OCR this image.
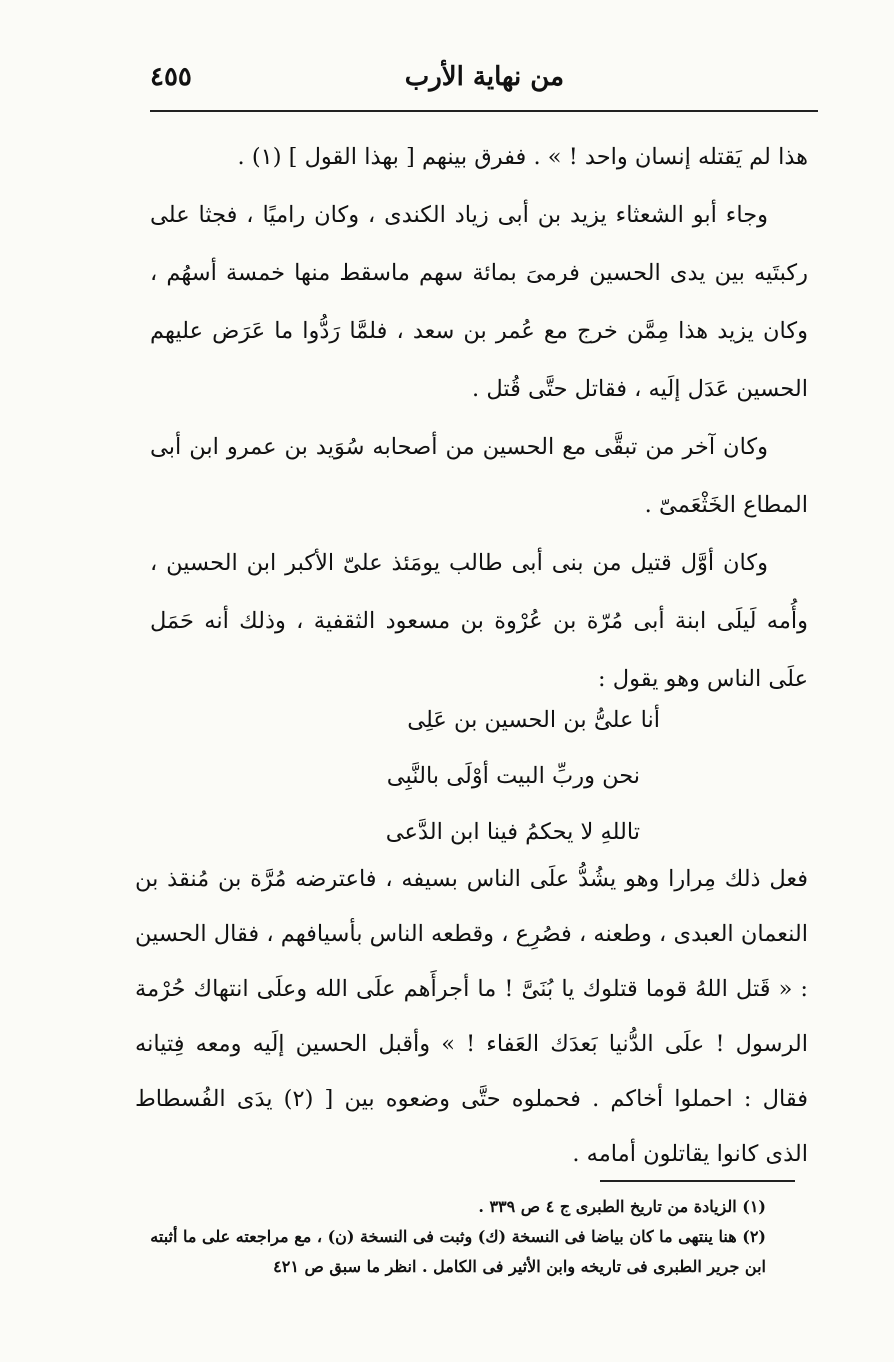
من نهاية الأرب
٤٥٥

هذا لم يَقتله إنسان واحد ! » . ففرق بينهم [ بهذا القول ] (١) .

وجاء أبو الشعثاء يزيد بن أبى زياد الكندى ، وكان راميًا ، فجثا على ركبتَيه بين يدى الحسين فرمىَ بمائة سهم ماسقط منها خمسة أسهُم ، وكان يزيد هذا مِمَّن خرج مع عُمر بن سعد ، فلمَّا رَدُّوا ما عَرَض عليهم الحسين عَدَل إلَيه ، فقاتل حتَّى قُتل .

وكان آخر من تبقَّى مع الحسين من أصحابه سُوَيد بن عمرو ابن أبى المطاع الخَثْعَمىّ .

وكان أوَّل قتيل من بنى أبى طالب يومَئذ علىّ الأكبر ابن الحسين ، وأُمه لَيلَى ابنة أبى مُرّة بن عُرْوة بن مسعود الثقفية ، وذلك أنه حَمَل علَى الناس وهو يقول :

أنا علىُّ بن الحسين بن عَلِى
نحن وربِّ البيت أوْلَى بالنَّبِى
تاللهِ لا يحكمُ فينا ابن الدَّعى

فعل ذلك مِرارا وهو يشُدُّ علَى الناس بسيفه ، فاعترضه مُرَّة بن مُنقذ بن النعمان العبدى ، وطعنه ، فصُرِع ، وقطعه الناس بأسيافهم ، فقال الحسين : « قَتل اللهُ قوما قتلوك يا بُنَىَّ ! ما أجرأَهم علَى الله وعلَى انتهاك حُرْمة الرسول ! علَى الدُّنيا بَعدَك العَفاء ! » وأقبل الحسين إلَيه ومعه فِتيانه فقال : احملوا أخاكم . فحملوه حتَّى وضعوه بين [ (٢) يدَى الفُسطاط الذى كانوا يقاتلون أمامه .

(١) الزيادة من تاريخ الطبرى ج ٤ ص ٣٣٩ .

(٢) هنا ينتهى ما كان بياضا فى النسخة (ك) وثبت فى النسخة (ن) ، مع مراجعته على ما أثبته ابن جرير الطبرى فى تاريخه وابن الأثير فى الكامل . انظر ما سبق ص ٤٢١
